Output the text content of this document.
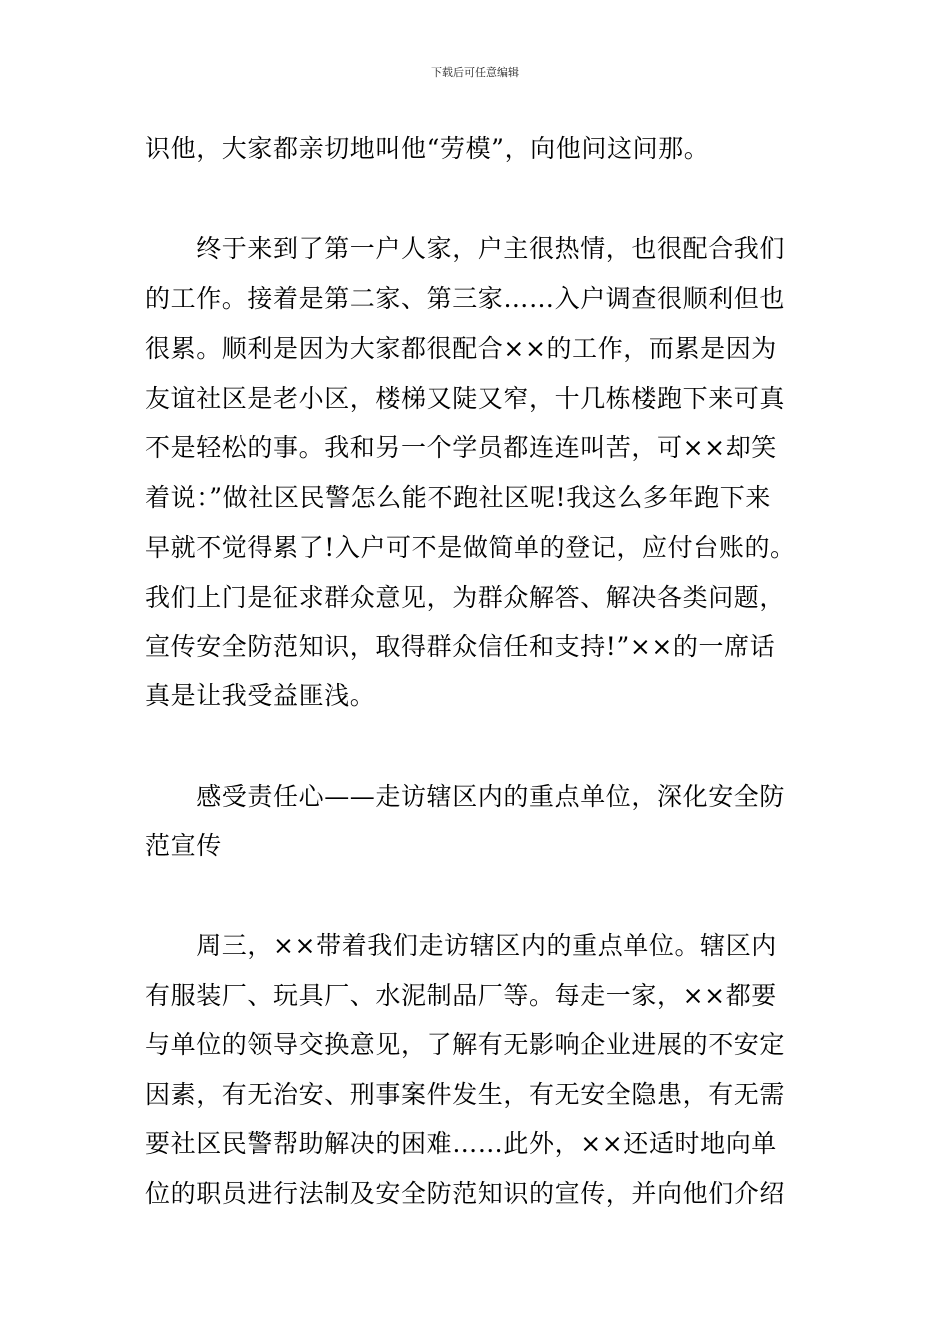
下载后可任意编辑
识他，大家都亲切地叫他“劳模”，向他问这问那。
　　终于来到了第一户人家，户主很热情，也很配合我们
的工作。接着是第二家、第三家……入户调查很顺利但也
很累。顺利是因为大家都很配合××的工作，而累是因为
友谊社区是老小区，楼梯又陡又窄，十几栋楼跑下来可真
不是轻松的事。我和另一个学员都连连叫苦，可××却笑
着说：”做社区民警怎么能不跑社区呢!我这么多年跑下来
早就不觉得累了!入户可不是做简单的登记，应付台账的。
我们上门是征求群众意见，为群众解答、解决各类问题，
宣传安全防范知识，取得群众信任和支持!”××的一席话
真是让我受益匪浅。
　　感受责任心——走访辖区内的重点单位，深化安全防
范宣传
　　周三，××带着我们走访辖区内的重点单位。辖区内
有服装厂、玩具厂、水泥制品厂等。每走一家，××都要
与单位的领导交换意见，了解有无影响企业进展的不安定
因素，有无治安、刑事案件发生，有无安全隐患，有无需
要社区民警帮助解决的困难……此外，××还适时地向单
位的职员进行法制及安全防范知识的宣传，并向他们介绍
